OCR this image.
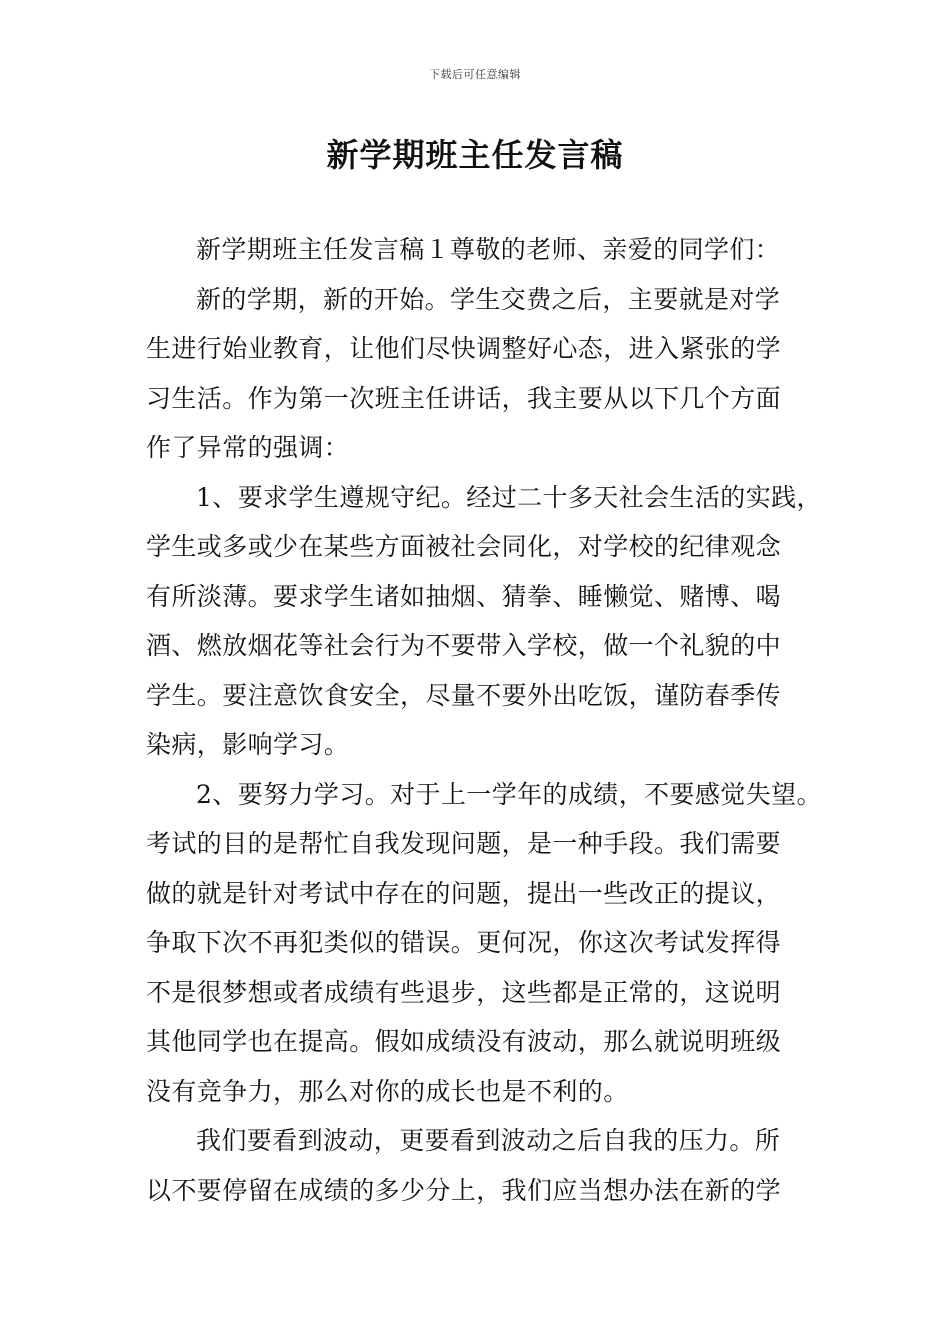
下载后可任意编辑
新学期班主任发言稿
新学期班主任发言稿１尊敬的老师、亲爱的同学们：
新的学期，新的开始。学生交费之后，主要就是对学
生进行始业教育，让他们尽快调整好心态，进入紧张的学
习生活。作为第一次班主任讲话，我主要从以下几个方面
作了异常的强调：
1、要求学生遵规守纪。经过二十多天社会生活的实践，
学生或多或少在某些方面被社会同化，对学校的纪律观念
有所淡薄。要求学生诸如抽烟、猜拳、睡懒觉、赌博、喝
酒、燃放烟花等社会行为不要带入学校，做一个礼貌的中
学生。要注意饮食安全，尽量不要外出吃饭，谨防春季传
染病，影响学习。
2、要努力学习。对于上一学年的成绩，不要感觉失望。
考试的目的是帮忙自我发现问题，是一种手段。我们需要
做的就是针对考试中存在的问题，提出一些改正的提议，
争取下次不再犯类似的错误。更何况，你这次考试发挥得
不是很梦想或者成绩有些退步，这些都是正常的，这说明
其他同学也在提高。假如成绩没有波动，那么就说明班级
没有竞争力，那么对你的成长也是不利的。
我们要看到波动，更要看到波动之后自我的压力。所
以不要停留在成绩的多少分上，我们应当想办法在新的学
